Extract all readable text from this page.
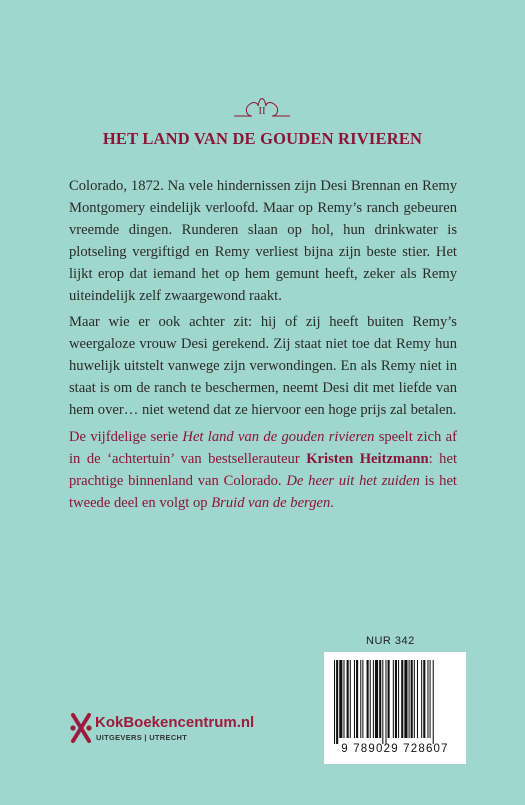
II
HET LAND VAN DE GOUDEN RIVIEREN

Colorado, 1872. Na vele hindernissen zijn Desi Brennan en Remy Montgomery eindelijk verloofd. Maar op Remy’s ranch gebeuren vreemde dingen. Runderen slaan op hol, hun drinkwater is plotseling vergiftigd en Remy verliest bijna zijn beste stier. Het lijkt erop dat iemand het op hem gemunt heeft, zeker als Remy uiteindelijk zelf zwaargewond raakt.

Maar wie er ook achter zit: hij of zij heeft buiten Remy’s weergaloze vrouw Desi gerekend. Zij staat niet toe dat Remy hun huwelijk uitstelt vanwege zijn verwondingen. En als Remy niet in staat is om de ranch te beschermen, neemt Desi dit met liefde van hem over… niet wetend dat ze hiervoor een hoge prijs zal betalen.

De vijfdelige serie Het land van de gouden rivieren speelt zich af in de ‘achtertuin’ van bestsellerauteur Kristen Heitzmann: het prachtige binnenland van Colorado. De heer uit het zuiden is het tweede deel en volgt op Bruid van de bergen.

NUR 342
9 789029 728607
KokBoekencentrum.nl
UITGEVERS | UTRECHT
